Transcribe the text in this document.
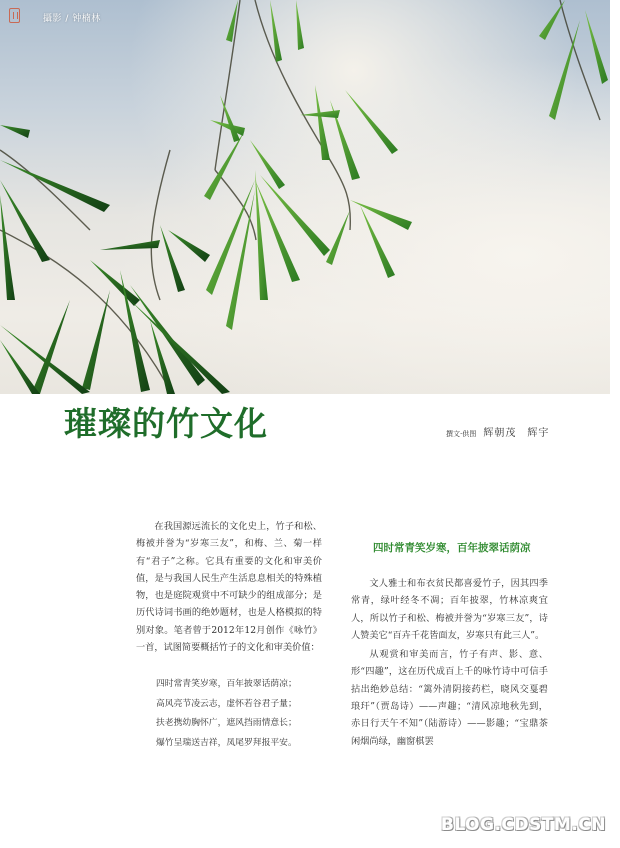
攝影 / 钟楠林
璀璨的竹文化	撰文·供图 辉朝茂　辉宇

在我国源远流长的文化史上，竹子和松、梅被并誉为“岁寒三友”，和梅、兰、菊一样有“君子”之称。它具有重要的文化和审美价值，是与我国人民生产生活息息相关的特殊植物，也是庭院观赏中不可缺少的组成部分；是历代诗词书画的绝妙题材，也是人格模拟的特别对象。笔者曾于2012年12月创作《咏竹》一首，试图简要概括竹子的文化和审美价值：

四时常青笑岁寒，百年披翠话荫凉；
高风亮节凌云志，虚怀若谷君子量；
扶老携幼胸怀广，遮风挡雨情意长；
爆竹呈瑞送吉祥，凤尾罗拜报平安。
四时常青笑岁寒，百年披翠话荫凉

文人雅士和布衣贫民都喜爱竹子，因其四季常青，绿叶经冬不凋；百年披翠，竹林凉爽宜人，所以竹子和松、梅被并誉为“岁寒三友”，诗人赞美它“百卉千花皆面友，岁寒只有此三人”。

从观赏和审美而言，竹子有声、影、意、形“四趣”，这在历代成百上千的咏竹诗中可信手拈出绝妙总结：“篱外清阴接药栏，晓风交戛碧琅玕”（贾岛诗）——声趣；“清风凉地秋先到，赤日行天午不知”（陆游诗）——影趣；“宝鼎茶闲烟尚绿，幽窗棋罢

BLOG.CDSTM.CN
